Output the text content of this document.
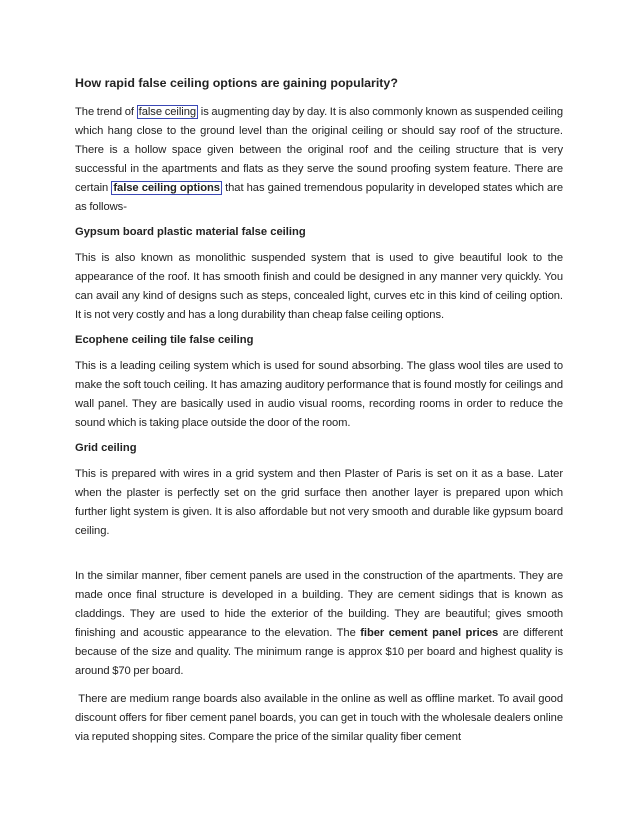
How rapid false ceiling options are gaining popularity?

The trend of false ceiling is augmenting day by day. It is also commonly known as suspended ceiling which hang close to the ground level than the original ceiling or should say roof of the structure. There is a hollow space given between the original roof and the ceiling structure that is very successful in the apartments and flats as they serve the sound proofing system feature. There are certain false ceiling options that has gained tremendous popularity in developed states which are as follows-

Gypsum board plastic material false ceiling

This is also known as monolithic suspended system that is used to give beautiful look to the appearance of the roof. It has smooth finish and could be designed in any manner very quickly. You can avail any kind of designs such as steps, concealed light, curves etc in this kind of ceiling option. It is not very costly and has a long durability than cheap false ceiling options.

Ecophene ceiling tile false ceiling

This is a leading ceiling system which is used for sound absorbing. The glass wool tiles are used to make the soft touch ceiling. It has amazing auditory performance that is found mostly for ceilings and wall panel. They are basically used in audio visual rooms, recording rooms in order to reduce the sound which is taking place outside the door of the room.

Grid ceiling

This is prepared with wires in a grid system and then Plaster of Paris is set on it as a base. Later when the plaster is perfectly set on the grid surface then another layer is prepared upon which further light system is given. It is also affordable but not very smooth and durable like gypsum board ceiling.

In the similar manner, fiber cement panels are used in the construction of the apartments. They are made once final structure is developed in a building. They are cement sidings that is known as claddings. They are used to hide the exterior of the building. They are beautiful; gives smooth finishing and acoustic appearance to the elevation. The fiber cement panel prices are different because of the size and quality. The minimum range is approx $10 per board and highest quality is around $70 per board.

There are medium range boards also available in the online as well as offline market. To avail good discount offers for fiber cement panel boards, you can get in touch with the wholesale dealers online via reputed shopping sites. Compare the price of the similar quality fiber cement
